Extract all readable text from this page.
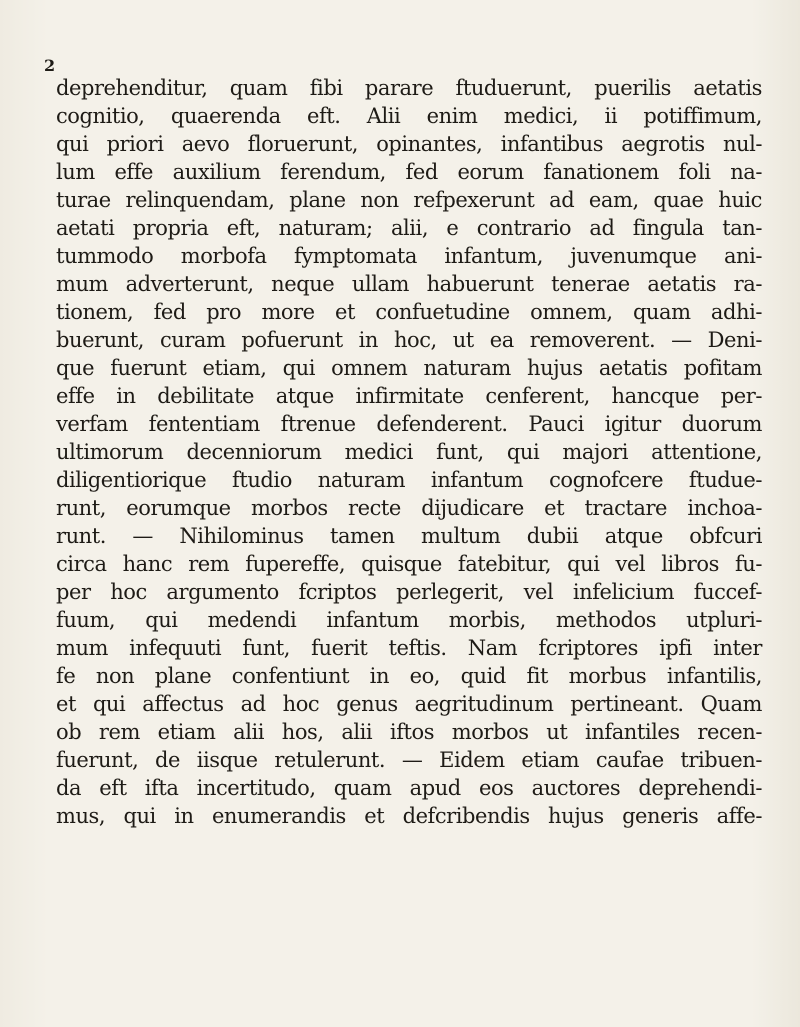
2
deprehenditur, quam fibi parare ftuduerunt, puerilis aetatis
cognitio, quaerenda eft. Alii enim medici, ii potiffimum,
qui priori aevo floruerunt, opinantes, infantibus aegrotis nul-
lum effe auxilium ferendum, fed eorum fanationem foli na-
turae relinquendam, plane non refpexerunt ad eam, quae huic
aetati propria eft, naturam; alii, e contrario ad fingula tan-
tummodo morbofa fymptomata infantum, juvenumque ani-
mum adverterunt, neque ullam habuerunt tenerae aetatis ra-
tionem, fed pro more et confuetudine omnem, quam adhi-
buerunt, curam pofuerunt in hoc, ut ea removerent. — Deni-
que fuerunt etiam, qui omnem naturam hujus aetatis pofitam
effe in debilitate atque infirmitate cenferent, hancque per-
verfam fententiam ftrenue defenderent. Pauci igitur duorum
ultimorum decenniorum medici funt, qui majori attentione,
diligentiorique ftudio naturam infantum cognofcere ftudue-
runt, eorumque morbos recte dijudicare et tractare inchoa-
runt. — Nihilominus tamen multum dubii atque obfcuri
circa hanc rem fupereffe, quisque fatebitur, qui vel libros fu-
per hoc argumento fcriptos perlegerit, vel infelicium fuccef-
fuum, qui medendi infantum morbis, methodos utpluri-
mum infequuti funt, fuerit teftis. Nam fcriptores ipfi inter
fe non plane confentiunt in eo, quid fit morbus infantilis,
et qui affectus ad hoc genus aegritudinum pertineant. Quam
ob rem etiam alii hos, alii iftos morbos ut infantiles recen-
fuerunt, de iisque retulerunt. — Eidem etiam caufae tribuen-
da eft ifta incertitudo, quam apud eos auctores deprehendi-
mus, qui in enumerandis et defcribendis hujus generis affe-
